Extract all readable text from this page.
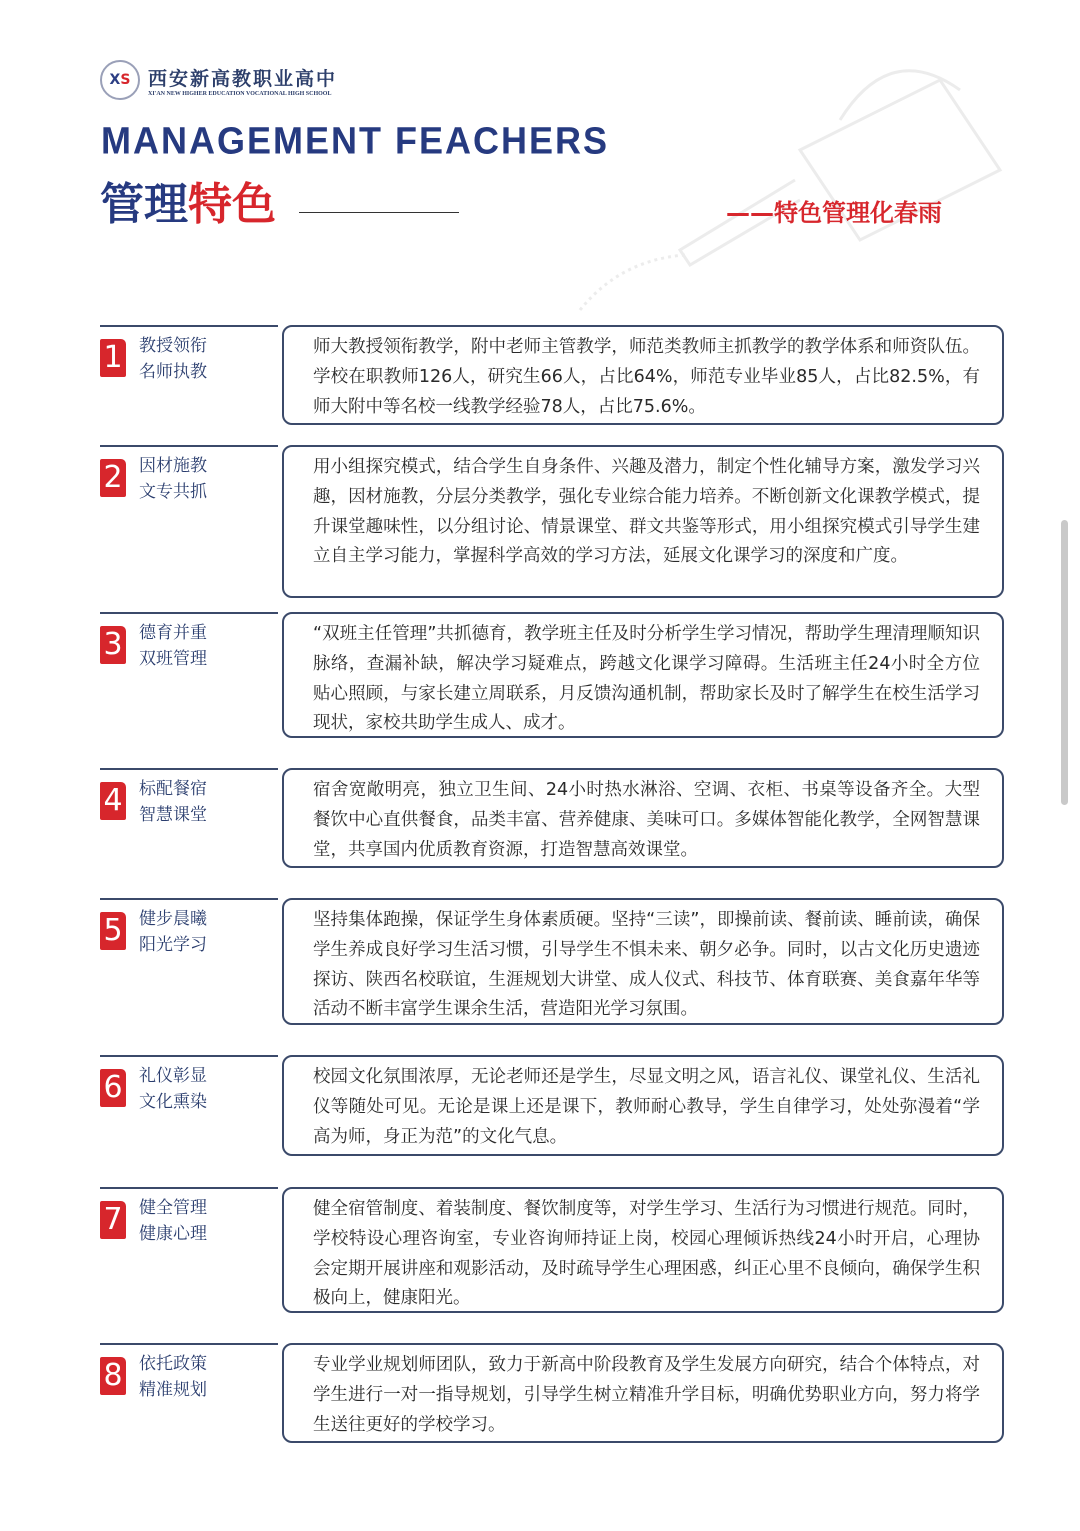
X S 西安新高教职业高中
XI'AN NEW HIGHER EDUCATION VOCATIONAL HIGH SCHOOL
MANAGEMENT FEACHERS
管理特色	——特色管理化春雨
1 教授领衔
名师执教
师大教授领衔教学，附中老师主管教学，师范类教师主抓教学的教学体系和师资队伍。学校在职教师126人，研究生66人，占比64%，师范专业毕业85人，占比82.5%，有师大附中等名校一线教学经验78人，占比75.6%。
2 因材施教
文专共抓
用小组探究模式，结合学生自身条件、兴趣及潜力，制定个性化辅导方案，激发学习兴趣，因材施教，分层分类教学，强化专业综合能力培养。不断创新文化课教学模式，提升课堂趣味性，以分组讨论、情景课堂、群文共鉴等形式，用小组探究模式引导学生建立自主学习能力，掌握科学高效的学习方法，延展文化课学习的深度和广度。
3 德育并重
双班管理
“双班主任管理”共抓德育，教学班主任及时分析学生学习情况，帮助学生理清理顺知识脉络，查漏补缺，解决学习疑难点，跨越文化课学习障碍。生活班主任24小时全方位贴心照顾，与家长建立周联系，月反馈沟通机制，帮助家长及时了解学生在校生活学习现状，家校共助学生成人、成才。
4 标配餐宿
智慧课堂
宿舍宽敞明亮，独立卫生间、24小时热水淋浴、空调、衣柜、书桌等设备齐全。大型餐饮中心直供餐食，品类丰富、营养健康、美味可口。多媒体智能化教学，全网智慧课堂，共享国内优质教育资源，打造智慧高效课堂。
5 健步晨曦
阳光学习
坚持集体跑操，保证学生身体素质硬。坚持“三读”，即操前读、餐前读、睡前读，确保学生养成良好学习生活习惯，引导学生不惧未来、朝夕必争。同时，以古文化历史遗迹探访、陕西名校联谊，生涯规划大讲堂、成人仪式、科技节、体育联赛、美食嘉年华等活动不断丰富学生课余生活，营造阳光学习氛围。
6 礼仪彰显
文化熏染
校园文化氛围浓厚，无论老师还是学生，尽显文明之风，语言礼仪、课堂礼仪、生活礼仪等随处可见。无论是课上还是课下，教师耐心教导，学生自律学习，处处弥漫着“学高为师，身正为范”的文化气息。
7 健全管理
健康心理
健全宿管制度、着装制度、餐饮制度等，对学生学习、生活行为习惯进行规范。同时，学校特设心理咨询室，专业咨询师持证上岗，校园心理倾诉热线24小时开启，心理协会定期开展讲座和观影活动，及时疏导学生心理困惑，纠正心里不良倾向，确保学生积极向上，健康阳光。
8 依托政策
精准规划
专业学业规划师团队，致力于新高中阶段教育及学生发展方向研究，结合个体特点，对学生进行一对一指导规划，引导学生树立精准升学目标，明确优势职业方向，努力将学生送往更好的学校学习。
